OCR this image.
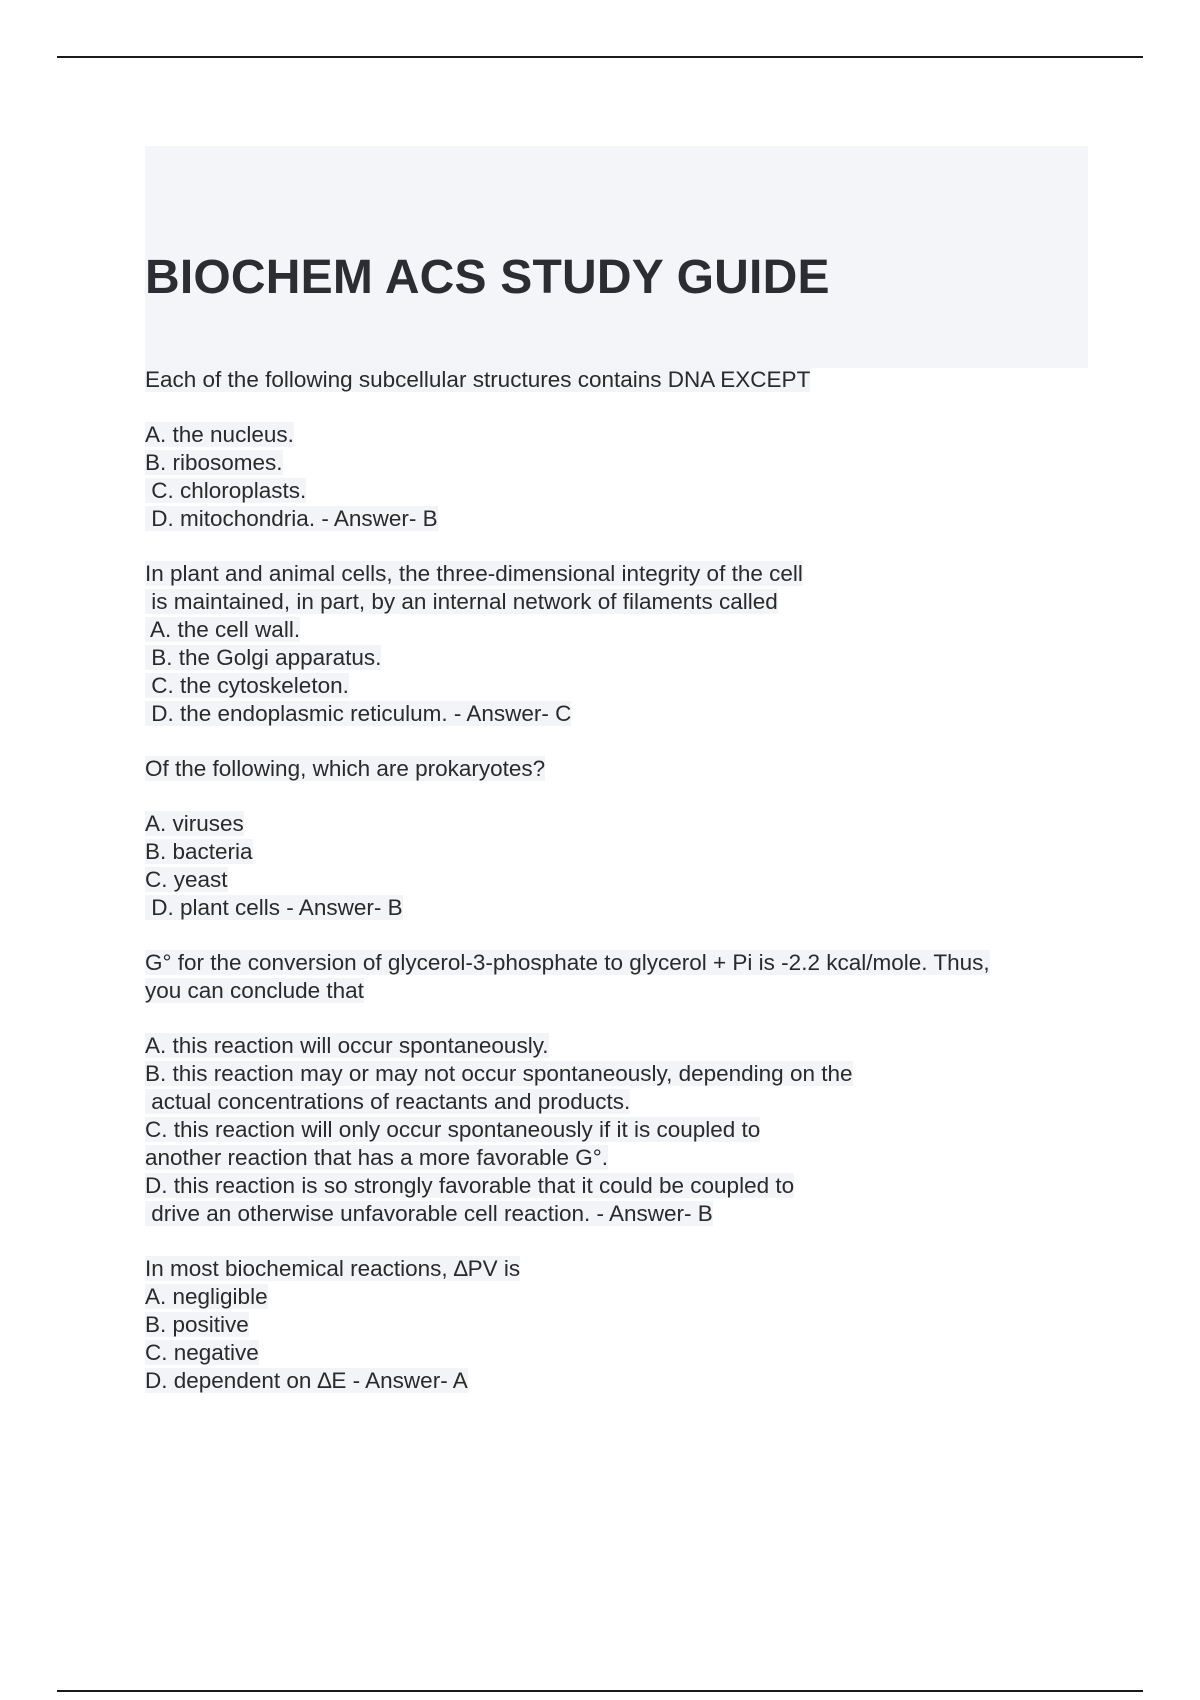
BIOCHEM ACS STUDY GUIDE
Each of the following subcellular structures contains DNA EXCEPT
A. the nucleus.
B. ribosomes.
C. chloroplasts.
D. mitochondria. - Answer- B
In plant and animal cells, the three-dimensional integrity of the cell
is maintained, in part, by an internal network of filaments called
A. the cell wall.
B. the Golgi apparatus.
C. the cytoskeleton.
D. the endoplasmic reticulum. - Answer- C
Of the following, which are prokaryotes?
A. viruses
B. bacteria
C. yeast
D. plant cells - Answer- B
G° for the conversion of glycerol-3-phosphate to glycerol + Pi is -2.2 kcal/mole. Thus,
you can conclude that
A. this reaction will occur spontaneously.
B. this reaction may or may not occur spontaneously, depending on the
actual concentrations of reactants and products.
C. this reaction will only occur spontaneously if it is coupled to
another reaction that has a more favorable G°.
D. this reaction is so strongly favorable that it could be coupled to
drive an otherwise unfavorable cell reaction. - Answer- B
In most biochemical reactions, ∆PV is
A. negligible
B. positive
C. negative
D. dependent on ∆E - Answer- A
